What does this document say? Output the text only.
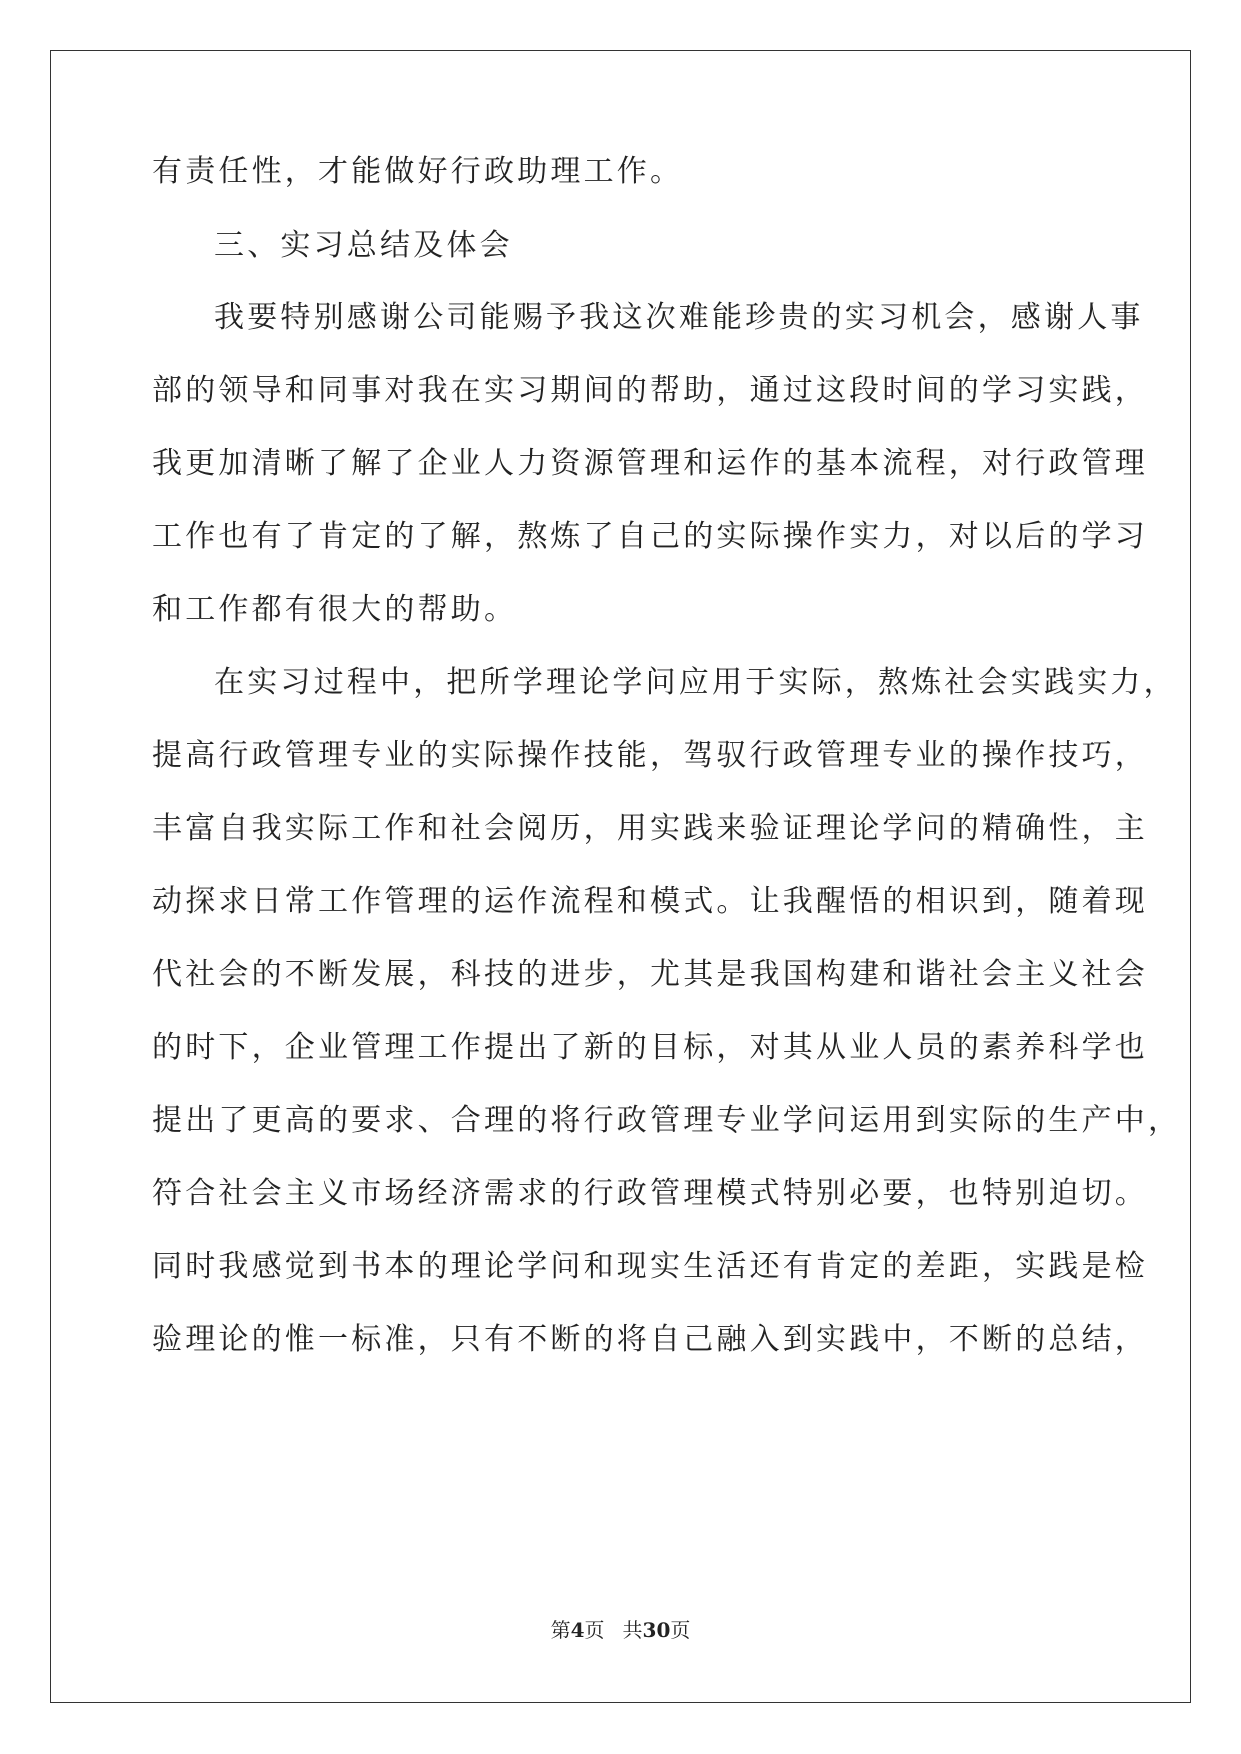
有责任性，才能做好行政助理工作。
三、实习总结及体会
我要特别感谢公司能赐予我这次难能珍贵的实习机会，感谢人事
部的领导和同事对我在实习期间的帮助，通过这段时间的学习实践，
我更加清晰了解了企业人力资源管理和运作的基本流程，对行政管理
工作也有了肯定的了解，熬炼了自己的实际操作实力，对以后的学习
和工作都有很大的帮助。
在实习过程中，把所学理论学问应用于实际，熬炼社会实践实力，
提高行政管理专业的实际操作技能，驾驭行政管理专业的操作技巧，
丰富自我实际工作和社会阅历，用实践来验证理论学问的精确性，主
动探求日常工作管理的运作流程和模式。让我醒悟的相识到，随着现
代社会的不断发展，科技的进步，尤其是我国构建和谐社会主义社会
的时下，企业管理工作提出了新的目标，对其从业人员的素养科学也
提出了更高的要求、合理的将行政管理专业学问运用到实际的生产中，
符合社会主义市场经济需求的行政管理模式特别必要，也特别迫切。
同时我感觉到书本的理论学问和现实生活还有肯定的差距，实践是检
验理论的惟一标准，只有不断的将自己融入到实践中，不断的总结，
第4页 共30页
